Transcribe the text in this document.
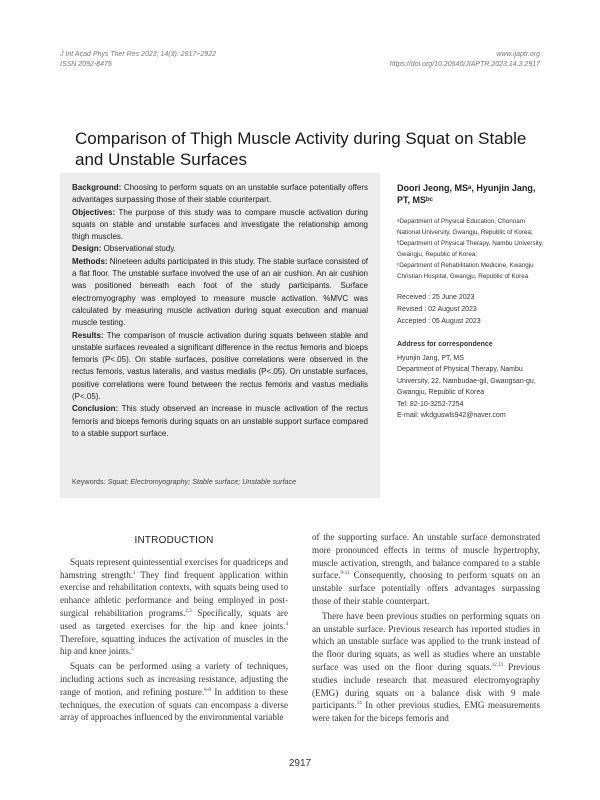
J Int Acad Phys Ther Res 2023; 14(3): 2917~2922
ISSN 2092-8475
www.ijaptr.org
https://doi.org/10.20540/JIAPTR.2023.14.3.2917
Comparison of Thigh Muscle Activity during Squat on Stable and Unstable Surfaces

Background: Choosing to perform squats on an unstable surface potentially offers advantages surpassing those of their stable counterpart.

Objectives: The purpose of this study was to compare muscle activation during squats on stable and unstable surfaces and investigate the relationship among thigh muscles.

Design: Observational study.

Methods: Nineteen adults participated in this study. The stable surface consisted of a flat floor. The unstable surface involved the use of an air cushion. An air cushion was positioned beneath each foot of the study participants. Surface electromyography was employed to measure muscle activation. %MVC was calculated by measuring muscle activation during squat execution and manual muscle testing.

Results: The comparison of muscle activation during squats between stable and unstable surfaces revealed a significant difference in the rectus femoris and biceps femoris (P<.05). On stable surfaces, positive correlations were observed in the rectus femoris, vastus lateralis, and vastus medialis (P<.05). On unstable surfaces, positive correlations were found between the rectus femoris and vastus medialis (P<.05).

Conclusion: This study observed an increase in muscle activation of the rectus femoris and biceps femoris during squats on an unstable support surface compared to a stable support surface.

Keywords: Squat; Electromyography; Stable surface; Unstable surface

Doori Jeong, MSᵃ, Hyunjin Jang, PT, MSᵇᶜ

ᵃDepartment of Physical Education, Chonnam National University, Gwangju, Republic of Korea;

ᵇDepartment of Physical Therapy, Nambu University, Gwangju, Republic of Korea;

ᶜDepartment of Rehabilitation Medicine, Kwangju Christian Hospital, Gwangju, Republic of Korea

Received : 25 June 2023

Revised : 02 August 2023

Accepted : 05 August 2023

Address for correspondence

Hyunjin Jang, PT, MS

Department of Physical Therapy, Nambu University, 22, Nambudae-gil, Gwangsan-gu, Gwangju, Republic of Korea

Tel: 82-10-3252-7254

E-mail: wkdguswls942@naver.com

INTRODUCTION

Squats represent quintessential exercises for quadriceps and hamstring strength.$^1$ They find frequent application within exercise and rehabilitation contexts, with squats being used to enhance athletic performance and being employed in post-surgical rehabilitation programs.$^{2,3}$ Specifically, squats are used as targeted exercises for the hip and knee joints.$^4$ Therefore, squatting induces the activation of muscles in the hip and knee joints.$^5$

Squats can be performed using a variety of techniques, including actions such as increasing resistance, adjusting the range of motion, and refining posture.$^{6-8}$ In addition to these techniques, the execution of squats can encompass a diverse array of approaches influenced by the environmental variable

of the supporting surface. An unstable surface demonstrated more pronounced effects in terms of muscle hypertrophy, muscle activation, strength, and balance compared to a stable surface.$^{9-11}$ Consequently, choosing to perform squats on an unstable surface potentially offers advantages surpassing those of their stable counterpart.

There have been previous studies on performing squats on an unstable surface. Previous research has reported studies in which an unstable surface was applied to the trunk instead of the floor during squats, as well as studies where an unstable surface was used on the floor during squats.$^{12,13}$ Previous studies include research that measured electromyography (EMG) during squats on a balance disk with 9 male participants.$^{14}$ In other previous studies, EMG measurements were taken for the biceps femoris and

2917
